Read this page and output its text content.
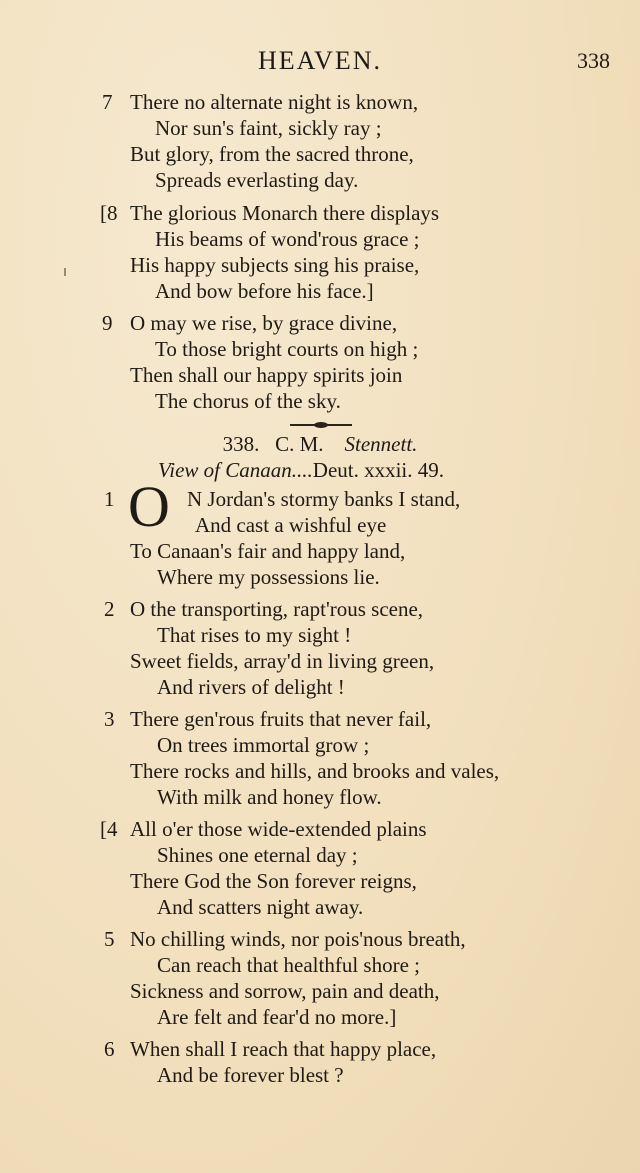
HEAVEN.	338
7 There no alternate night is known,
Nor sun's faint, sickly ray ;
But glory, from the sacred throne,
Spreads everlasting day.
[8 The glorious Monarch there displays
His beams of wond'rous grace ;
His happy subjects sing his praise,
And bow before his face.]
9 O may we rise, by grace divine,
To those bright courts on high ;
Then shall our happy spirits join
The chorus of the sky.
338. C. M. Stennett.
View of Canaan....Deut. xxxii. 49.
1 O N Jordan's stormy banks I stand,
And cast a wishful eye
To Canaan's fair and happy land,
Where my possessions lie.
2 O the transporting, rapt'rous scene,
That rises to my sight !
Sweet fields, array'd in living green,
And rivers of delight !
3 There gen'rous fruits that never fail,
On trees immortal grow ;
There rocks and hills, and brooks and vales,
With milk and honey flow.
[4 All o'er those wide-extended plains
Shines one eternal day ;
There God the Son forever reigns,
And scatters night away.
5 No chilling winds, nor pois'nous breath,
Can reach that healthful shore ;
Sickness and sorrow, pain and death,
Are felt and fear'd no more.]
6 When shall I reach that happy place,
And be forever blest ?
